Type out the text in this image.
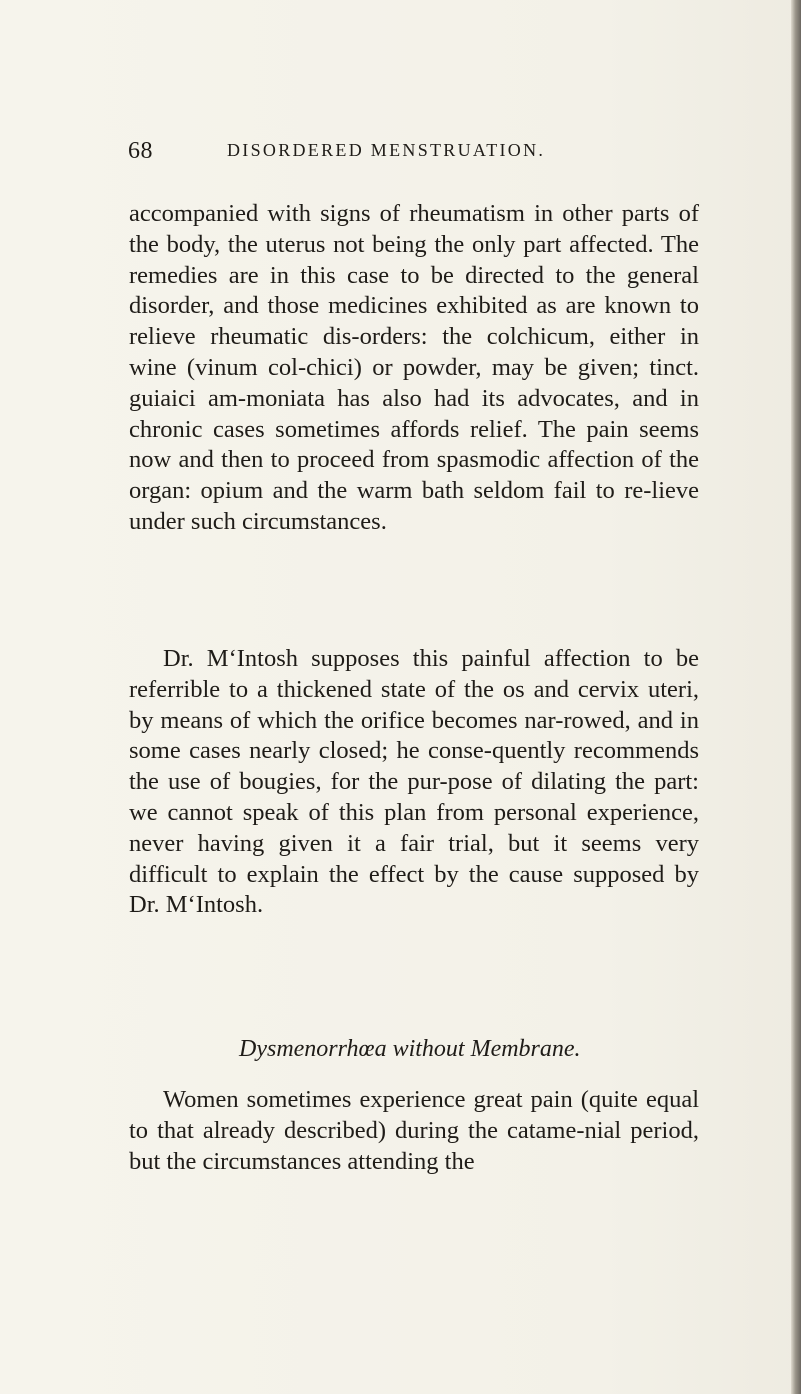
68	DISORDERED MENSTRUATION.

accompanied with signs of rheumatism in other parts of the body, the uterus not being the only part affected. The remedies are in this case to be directed to the general disorder, and those medicines exhibited as are known to relieve rheumatic dis-orders: the colchicum, either in wine (vinum col-chici) or powder, may be given; tinct. guiaici am-moniata has also had its advocates, and in chronic cases sometimes affords relief. The pain seems now and then to proceed from spasmodic affection of the organ: opium and the warm bath seldom fail to re-lieve under such circumstances.

Dr. M‘Intosh supposes this painful affection to be referrible to a thickened state of the os and cervix uteri, by means of which the orifice becomes nar-rowed, and in some cases nearly closed; he conse-quently recommends the use of bougies, for the pur-pose of dilating the part: we cannot speak of this plan from personal experience, never having given it a fair trial, but it seems very difficult to explain the effect by the cause supposed by Dr. M‘Intosh.

Dysmenorrhœa without Membrane.

Women sometimes experience great pain (quite equal to that already described) during the catame-nial period, but the circumstances attending the
